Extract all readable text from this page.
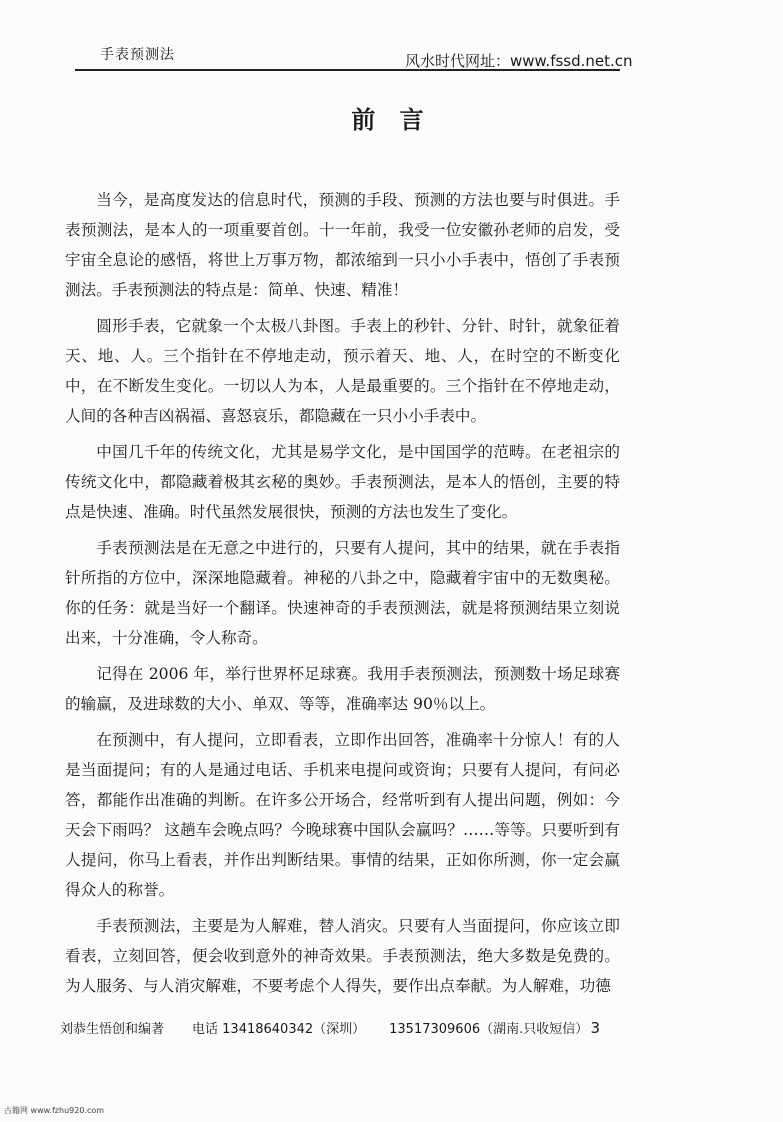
手表预测法	风水时代网址：www.fssd.net.cn
前 言

当今，是高度发达的信息时代，预测的手段、预测的方法也要与时俱进。手表预测法，是本人的一项重要首创。十一年前，我受一位安徽孙老师的启发，受宇宙全息论的感悟，将世上万事万物，都浓缩到一只小小手表中，悟创了手表预测法。手表预测法的特点是：简单、快速、精准！

圆形手表，它就象一个太极八卦图。手表上的秒针、分针、时针，就象征着天、地、人。三个指针在不停地走动，预示着天、地、人，在时空的不断变化中，在不断发生变化。一切以人为本，人是最重要的。三个指针在不停地走动，人间的各种吉凶祸福、喜怒哀乐，都隐藏在一只小小手表中。

中国几千年的传统文化，尤其是易学文化，是中国国学的范畴。在老祖宗的传统文化中，都隐藏着极其玄秘的奥妙。手表预测法，是本人的悟创，主要的特点是快速、准确。时代虽然发展很快，预测的方法也发生了变化。

手表预测法是在无意之中进行的，只要有人提问，其中的结果，就在手表指针所指的方位中，深深地隐藏着。神秘的八卦之中，隐藏着宇宙中的无数奥秘。你的任务：就是当好一个翻译。快速神奇的手表预测法，就是将预测结果立刻说出来，十分准确，令人称奇。

记得在 2006 年，举行世界杯足球赛。我用手表预测法，预测数十场足球赛的输赢，及进球数的大小、单双、等等，准确率达 90％以上。

在预测中，有人提问，立即看表，立即作出回答，准确率十分惊人！有的人是当面提问；有的人是通过电话、手机来电提问或资询；只要有人提问，有问必答，都能作出准确的判断。在许多公开场合，经常听到有人提出问题，例如：今天会下雨吗？ 这趟车会晚点吗？今晚球赛中国队会赢吗？……等等。只要听到有人提问，你马上看表，并作出判断结果。事情的结果，正如你所测，你一定会赢得众人的称誉。

手表预测法，主要是为人解难，替人消灾。只要有人当面提问，你应该立即看表，立刻回答，便会收到意外的神奇效果。手表预测法，绝大多数是免费的。为人服务、与人消灾解难，不要考虑个人得失，要作出点奉献。为人解难，功德

刘恭生悟创和编著 电话 13418640342（深圳） 13517309606（湖南.只收短信） 3
古籍网 www.fzhu920.com
